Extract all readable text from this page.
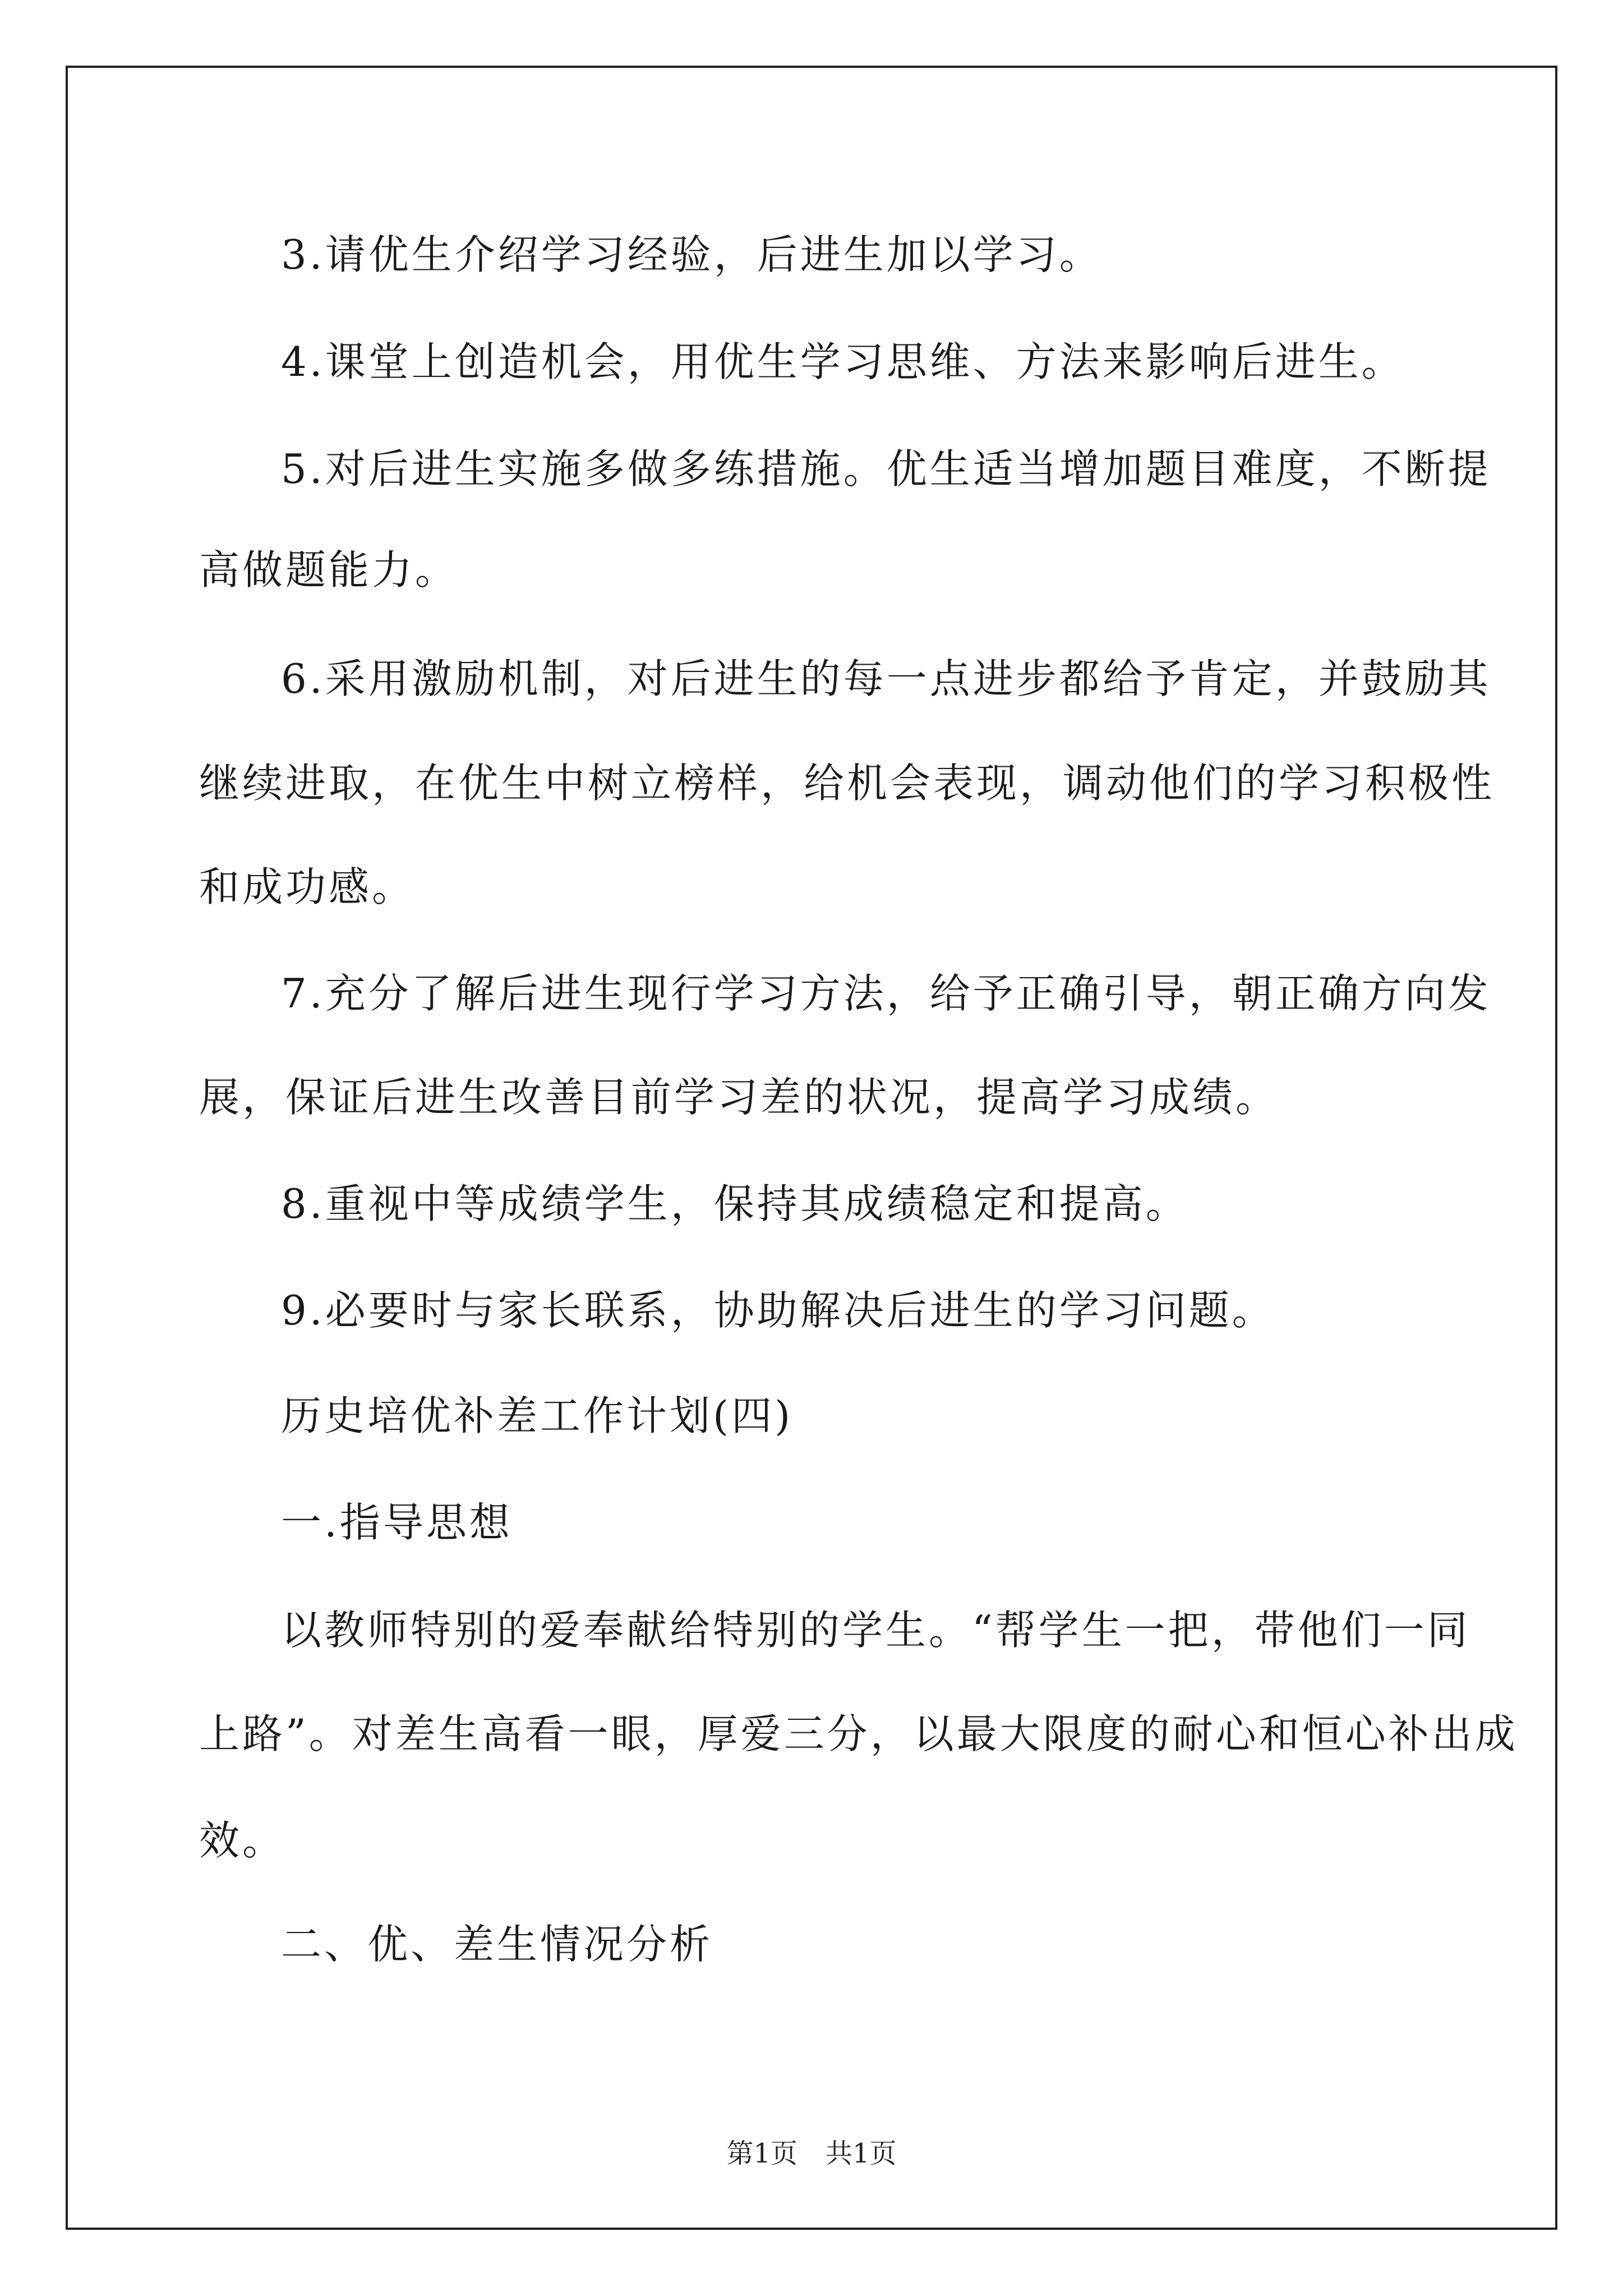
3.请优生介绍学习经验，后进生加以学习。
4.课堂上创造机会，用优生学习思维、方法来影响后进生。
5.对后进生实施多做多练措施。优生适当增加题目难度，不断提
高做题能力。
6.采用激励机制，对后进生的每一点进步都给予肯定，并鼓励其
继续进取，在优生中树立榜样，给机会表现，调动他们的学习积极性
和成功感。
7.充分了解后进生现行学习方法，给予正确引导，朝正确方向发
展，保证后进生改善目前学习差的状况，提高学习成绩。
8.重视中等成绩学生，保持其成绩稳定和提高。
9.必要时与家长联系，协助解决后进生的学习问题。
历史培优补差工作计划(四)
一.指导思想
以教师特别的爱奉献给特别的学生。“帮学生一把，带他们一同
上路”。对差生高看一眼，厚爱三分，以最大限度的耐心和恒心补出成
效。
二、优、差生情况分析
第1页 共1页
